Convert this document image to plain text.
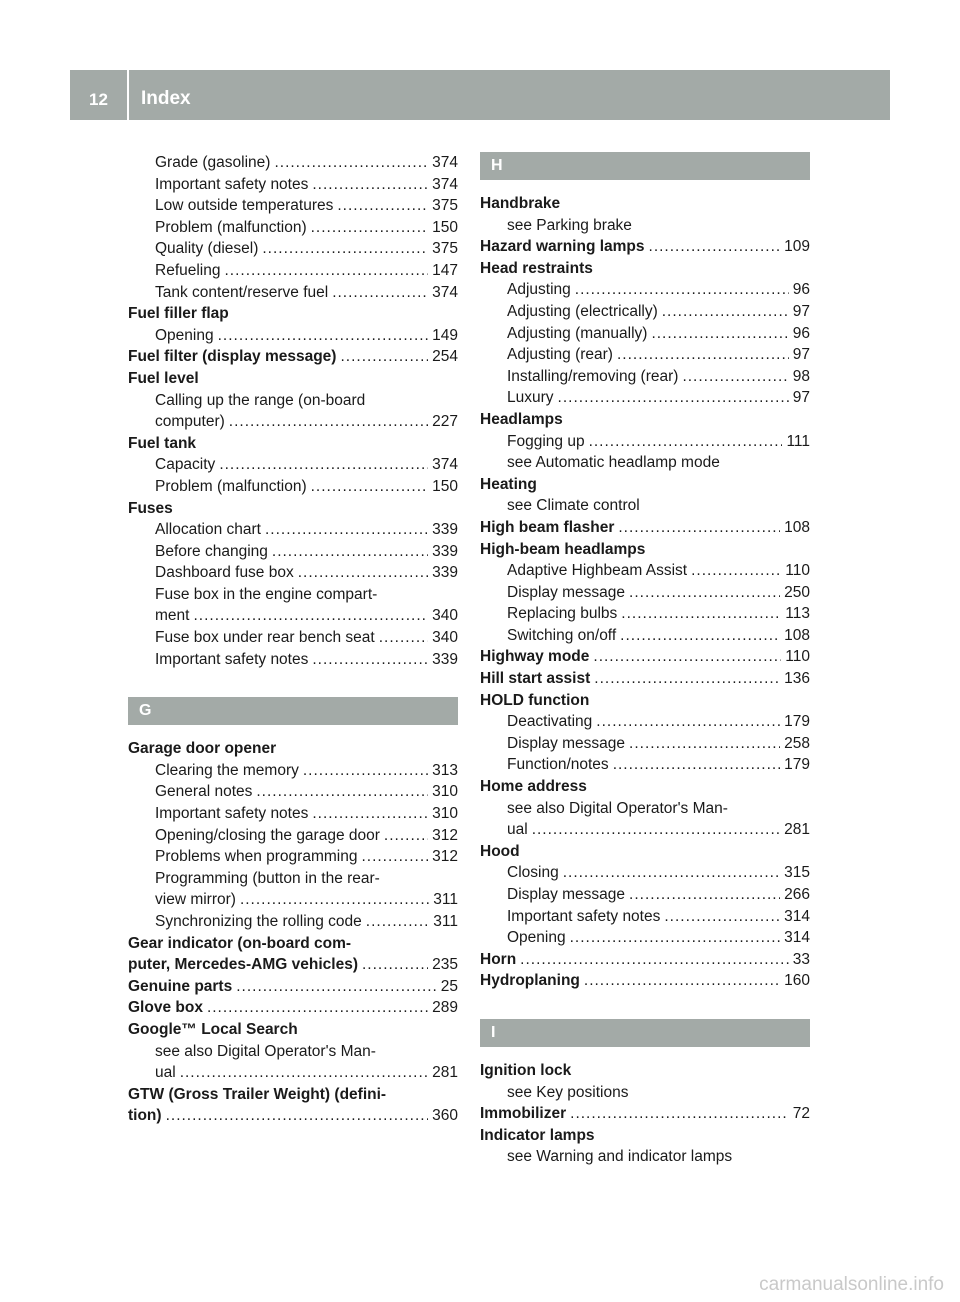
12	Index
Grade (gasoline) .....	374
Important safety notes .....	374
Low outside temperatures .....	375
Problem (malfunction) .....	150
Quality (diesel) .....	375
Refueling .....	147
Tank content/reserve fuel .....	374
Fuel filler flap
Opening .....	149
Fuel filter (display message) .....	254
Fuel level
Calling up the range (on-board
computer) .....	227
Fuel tank
Capacity .....	374
Problem (malfunction) .....	150
Fuses
Allocation chart .....	339
Before changing .....	339
Dashboard fuse box .....	339
Fuse box in the engine compart-
ment .....	340
Fuse box under rear bench seat .....	340
Important safety notes .....	339
G
Garage door opener
Clearing the memory .....	313
General notes .....	310
Important safety notes .....	310
Opening/closing the garage door .....	312
Problems when programming .....	312
Programming (button in the rear-
view mirror) .....	311
Synchronizing the rolling code .....	311
Gear indicator (on-board com-
puter, Mercedes-AMG vehicles) .....	235
Genuine parts .....	25
Glove box .....	289
Google™ Local Search
see also Digital Operator's Man-
ual .....	281
GTW (Gross Trailer Weight) (defini-
tion) .....	360
H
Handbrake
see Parking brake
Hazard warning lamps .....	109
Head restraints
Adjusting .....	96
Adjusting (electrically) .....	97
Adjusting (manually) .....	96
Adjusting (rear) .....	97
Installing/removing (rear) .....	98
Luxury .....	97
Headlamps
Fogging up .....	111
see Automatic headlamp mode
Heating
see Climate control
High beam flasher .....	108
High-beam headlamps
Adaptive Highbeam Assist .....	110
Display message .....	250
Replacing bulbs .....	113
Switching on/off .....	108
Highway mode .....	110
Hill start assist .....	136
HOLD function
Deactivating .....	179
Display message .....	258
Function/notes .....	179
Home address
see also Digital Operator's Man-
ual .....	281
Hood
Closing .....	315
Display message .....	266
Important safety notes .....	314
Opening .....	314
Horn .....	33
Hydroplaning .....	160
I
Ignition lock
see Key positions
Immobilizer .....	72
Indicator lamps
see Warning and indicator lamps
carmanualsonline.info
